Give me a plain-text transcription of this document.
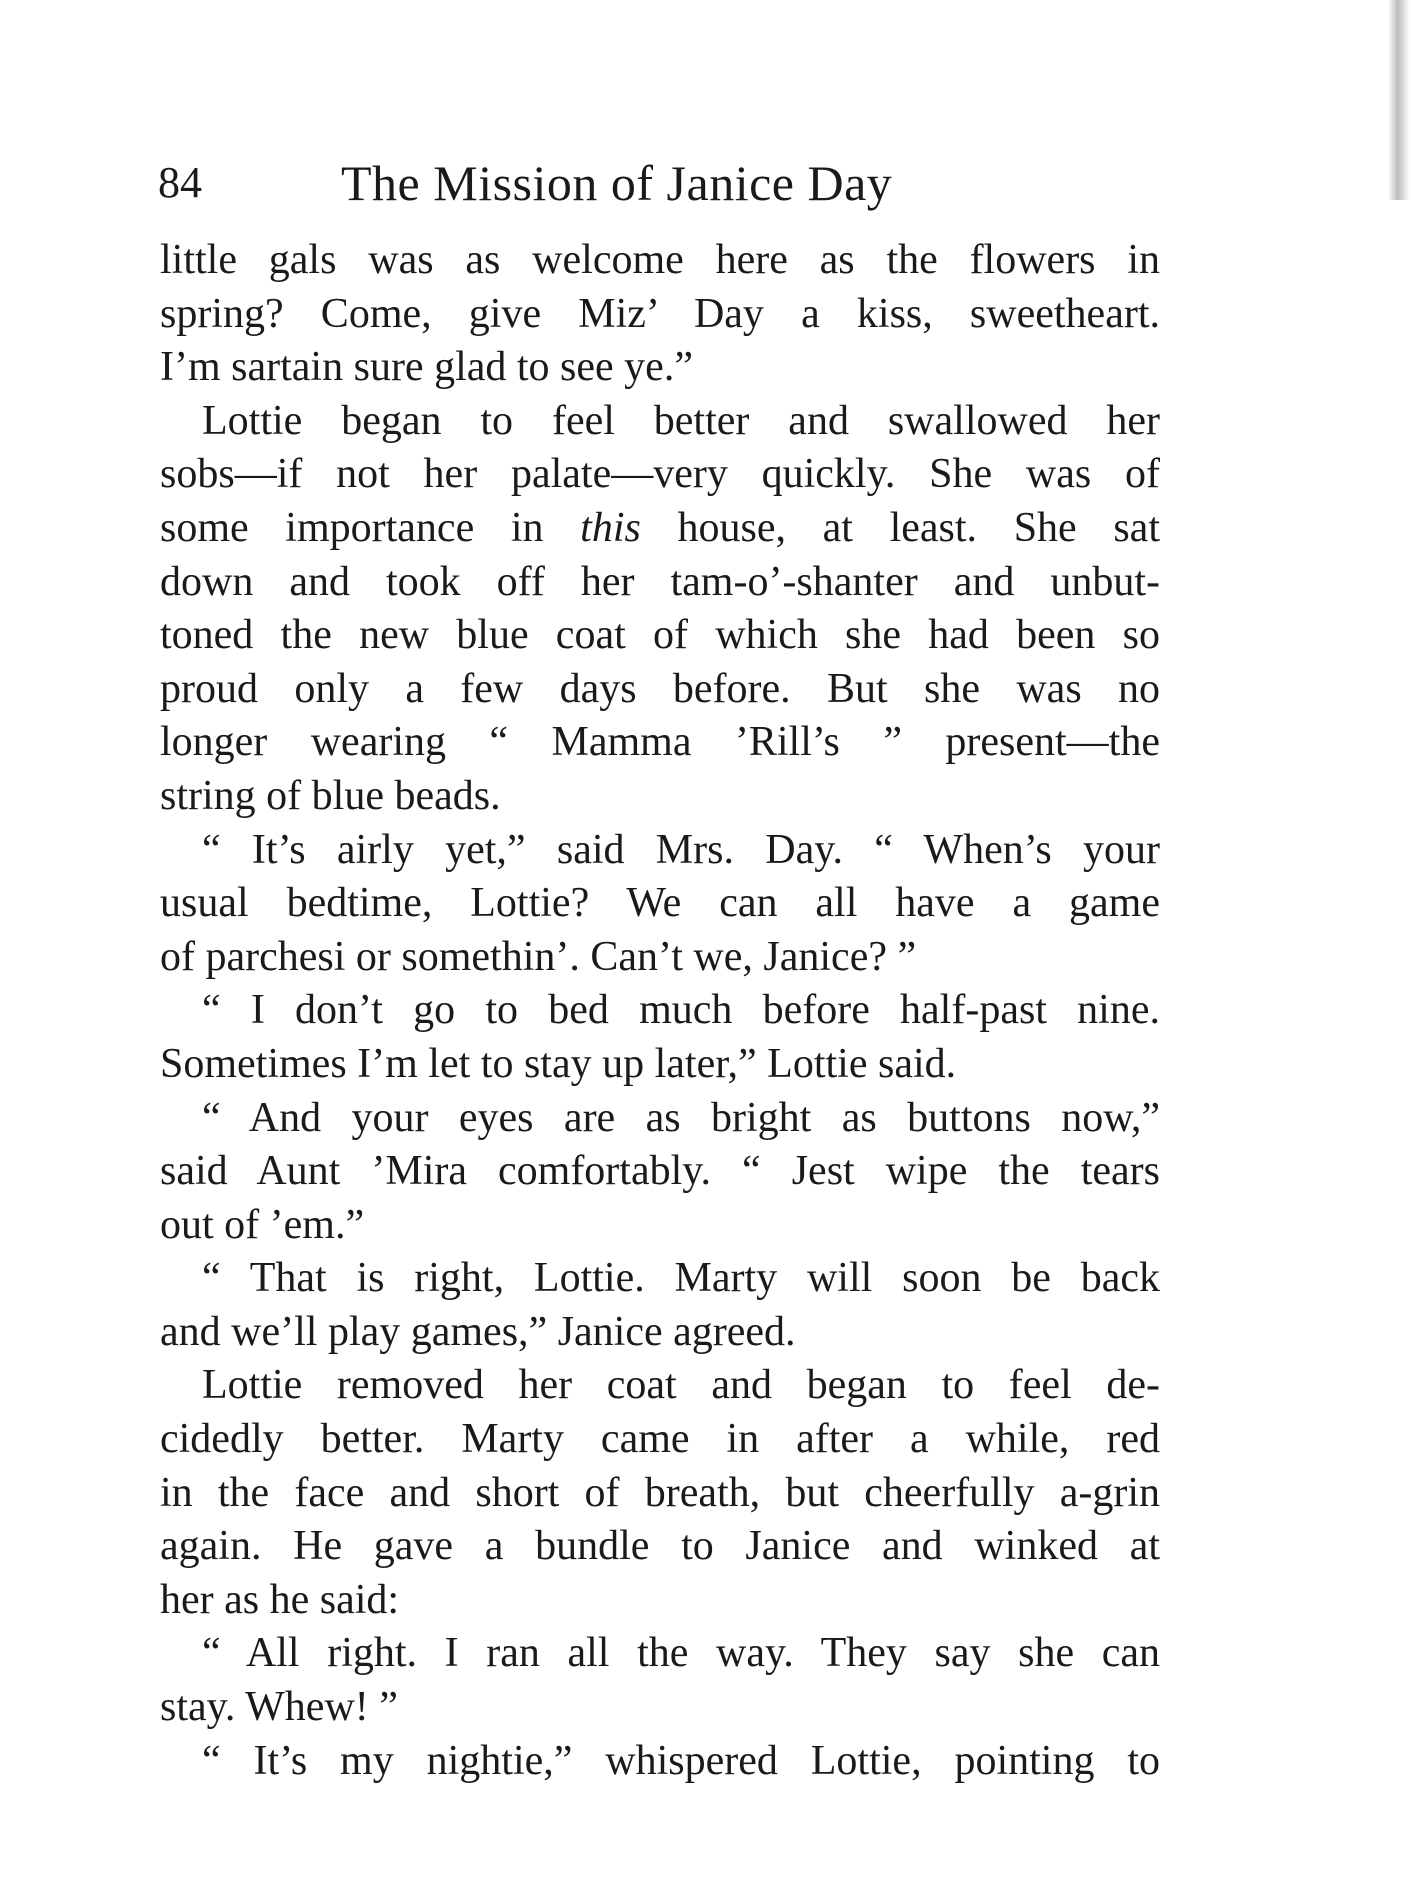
84	The Mission of Janice Day
little gals was as welcome here as the flowers in
spring? Come, give Miz’ Day a kiss, sweetheart.
I’m sartain sure glad to see ye.”
Lottie began to feel better and swallowed her
sobs—if not her palate—very quickly. She was of
some importance in this house, at least. She sat
down and took off her tam-o’-shanter and unbut-
toned the new blue coat of which she had been so
proud only a few days before. But she was no
longer wearing “ Mamma ’Rill’s ” present—the
string of blue beads.
“ It’s airly yet,” said Mrs. Day. “ When’s your
usual bedtime, Lottie? We can all have a game
of parchesi or somethin’. Can’t we, Janice? ”
“ I don’t go to bed much before half-past nine.
Sometimes I’m let to stay up later,” Lottie said.
“ And your eyes are as bright as buttons now,”
said Aunt ’Mira comfortably. “ Jest wipe the tears
out of ’em.”
“ That is right, Lottie. Marty will soon be back
and we’ll play games,” Janice agreed.
Lottie removed her coat and began to feel de-
cidedly better. Marty came in after a while, red
in the face and short of breath, but cheerfully a-grin
again. He gave a bundle to Janice and winked at
her as he said:
“ All right. I ran all the way. They say she can
stay. Whew! ”
“ It’s my nightie,” whispered Lottie, pointing to
